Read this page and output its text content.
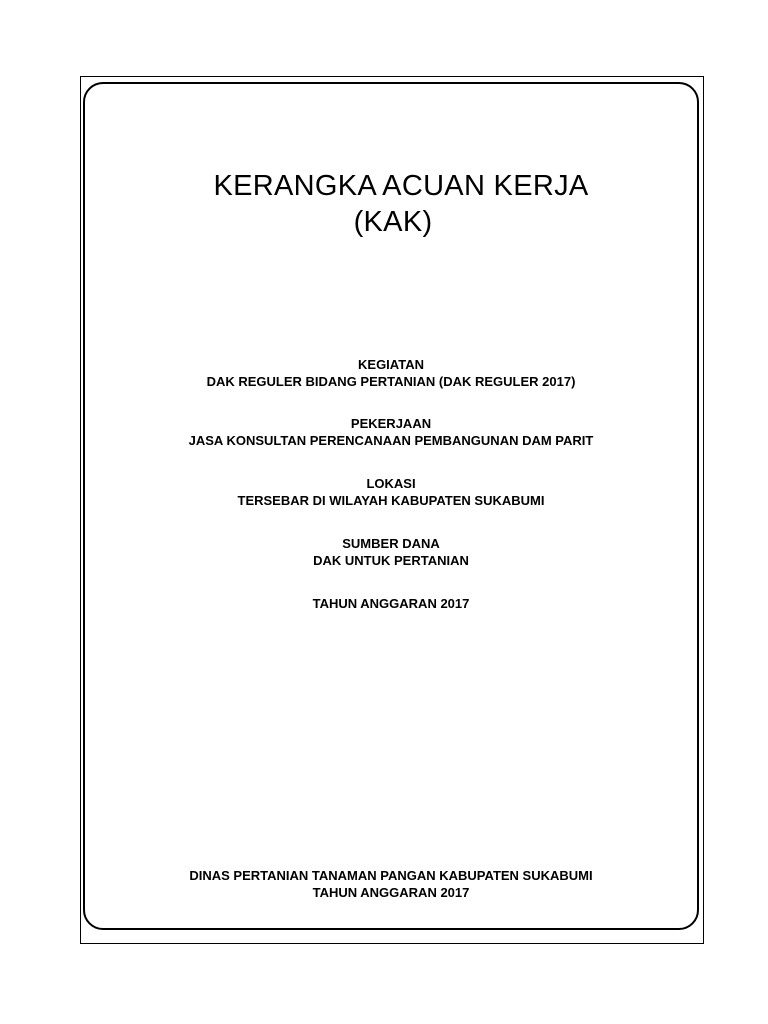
KERANGKA ACUAN KERJA
(KAK)
KEGIATAN
DAK REGULER BIDANG PERTANIAN (DAK REGULER 2017)
PEKERJAAN
JASA KONSULTAN PERENCANAAN PEMBANGUNAN DAM PARIT
LOKASI
TERSEBAR DI WILAYAH KABUPATEN SUKABUMI
SUMBER DANA
DAK UNTUK PERTANIAN
TAHUN ANGGARAN 2017
DINAS PERTANIAN TANAMAN PANGAN KABUPATEN SUKABUMI
TAHUN ANGGARAN 2017
